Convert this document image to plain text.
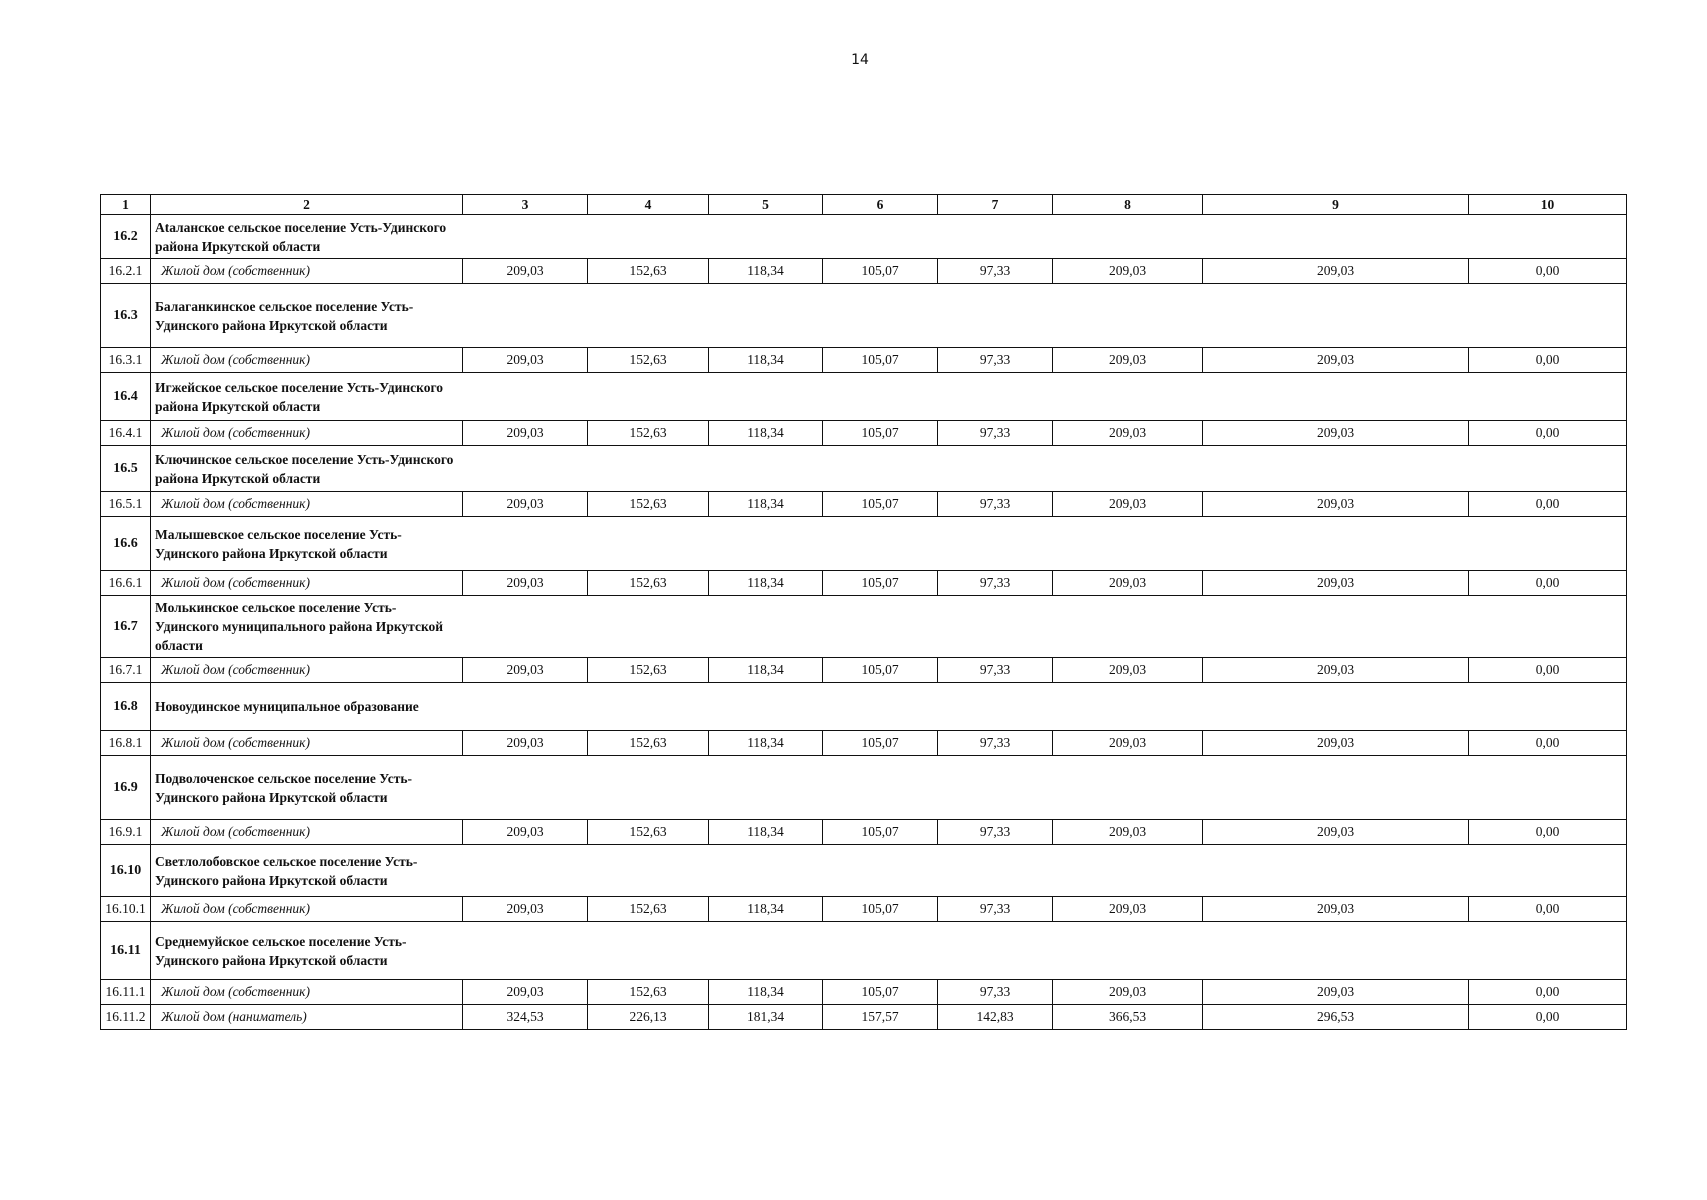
14
1	2	3	4	5	6	7	8	9	10
16.2	Ataланское сельское поселение Усть-Удинского района Иркутской области								

16.2.1	Жилой дом (собственник)	209,03	152,63	118,34	105,07	97,33	209,03	209,03	0,00
16.3	Балаганкинское сельское поселение Усть-Удинского района Иркутской области								

16.3.1	Жилой дом (собственник)	209,03	152,63	118,34	105,07	97,33	209,03	209,03	0,00
16.4	Игжейское сельское поселение Усть-Удинского района Иркутской области								

16.4.1	Жилой дом (собственник)	209,03	152,63	118,34	105,07	97,33	209,03	209,03	0,00
16.5	Ключинское сельское поселение Усть-Удинского района Иркутской области								

16.5.1	Жилой дом (собственник)	209,03	152,63	118,34	105,07	97,33	209,03	209,03	0,00
16.6	Малышевское сельское поселение Усть-Удинского района Иркутской области								

16.6.1	Жилой дом (собственник)	209,03	152,63	118,34	105,07	97,33	209,03	209,03	0,00
16.7	Молькинское сельское поселение Усть-Удинского муниципального района Иркутской области								

16.7.1	Жилой дом (собственник)	209,03	152,63	118,34	105,07	97,33	209,03	209,03	0,00
16.8	Новоудинское муниципальное образование								

16.8.1	Жилой дом (собственник)	209,03	152,63	118,34	105,07	97,33	209,03	209,03	0,00
16.9	Подволоченское сельское поселение Усть-Удинского района Иркутской области								

16.9.1	Жилой дом (собственник)	209,03	152,63	118,34	105,07	97,33	209,03	209,03	0,00
16.10	Светлолобовское сельское поселение Усть-Удинского района Иркутской области								

16.10.1	Жилой дом (собственник)	209,03	152,63	118,34	105,07	97,33	209,03	209,03	0,00
16.11	Среднемуйское сельское поселение Усть-Удинского района Иркутской области								

16.11.1	Жилой дом (собственник)	209,03	152,63	118,34	105,07	97,33	209,03	209,03	0,00
16.11.2	Жилой дом (наниматель)	324,53	226,13	181,34	157,57	142,83	366,53	296,53	0,00
